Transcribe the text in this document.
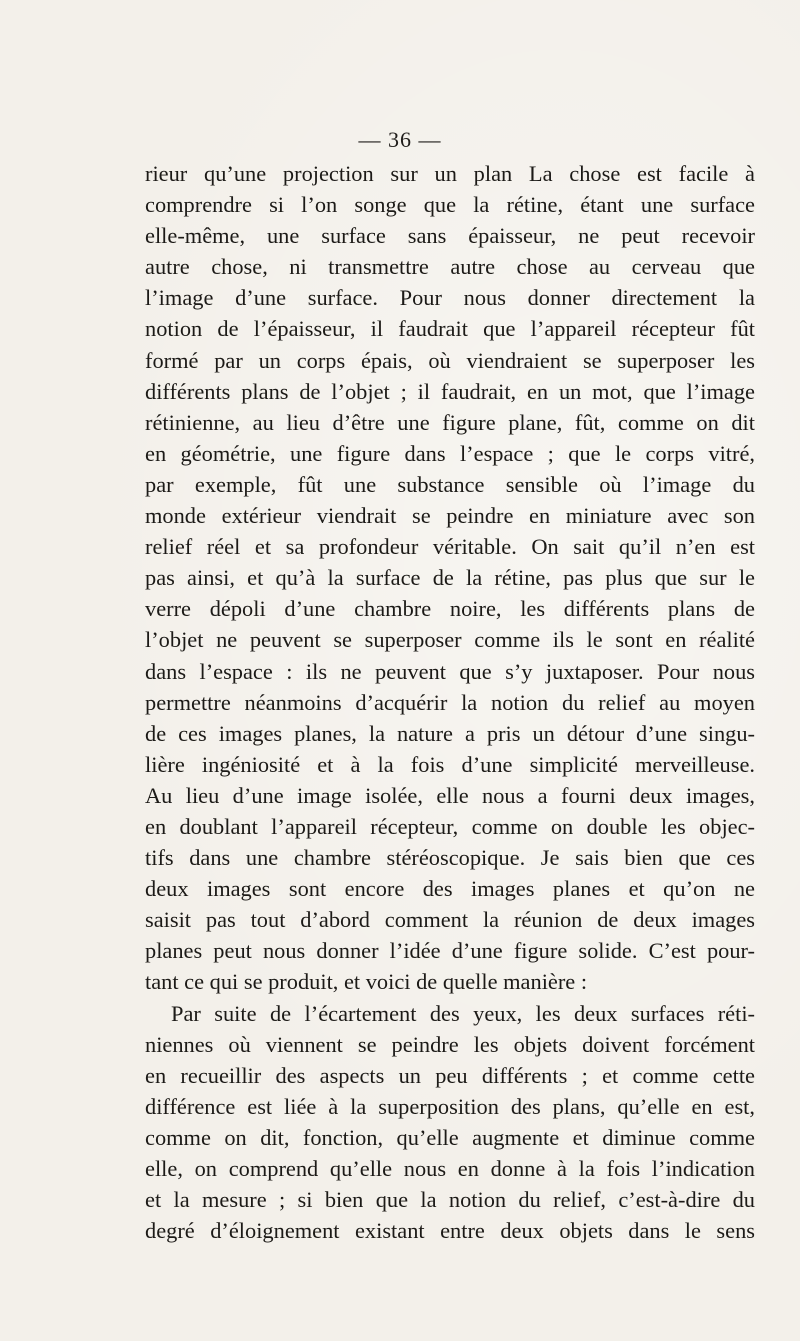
— 36 —
rieur qu’une projection sur un plan La chose est facile à
comprendre si l’on songe que la rétine, étant une surface
elle-même, une surface sans épaisseur, ne peut recevoir
autre chose, ni transmettre autre chose au cerveau que
l’image d’une surface. Pour nous donner directement la
notion de l’épaisseur, il faudrait que l’appareil récepteur fût
formé par un corps épais, où viendraient se superposer les
différents plans de l’objet ; il faudrait, en un mot, que l’image
rétinienne, au lieu d’être une figure plane, fût, comme on dit
en géométrie, une figure dans l’espace ; que le corps vitré,
par exemple, fût une substance sensible où l’image du
monde extérieur viendrait se peindre en miniature avec son
relief réel et sa profondeur véritable. On sait qu’il n’en est
pas ainsi, et qu’à la surface de la rétine, pas plus que sur le
verre dépoli d’une chambre noire, les différents plans de
l’objet ne peuvent se superposer comme ils le sont en réalité
dans l’espace : ils ne peuvent que s’y juxtaposer. Pour nous
permettre néanmoins d’acquérir la notion du relief au moyen
de ces images planes, la nature a pris un détour d’une singu-
lière ingéniosité et à la fois d’une simplicité merveilleuse.
Au lieu d’une image isolée, elle nous a fourni deux images,
en doublant l’appareil récepteur, comme on double les objec-
tifs dans une chambre stéréoscopique. Je sais bien que ces
deux images sont encore des images planes et qu’on ne
saisit pas tout d’abord comment la réunion de deux images
planes peut nous donner l’idée d’une figure solide. C’est pour-
tant ce qui se produit, et voici de quelle manière :
Par suite de l’écartement des yeux, les deux surfaces réti-
niennes où viennent se peindre les objets doivent forcément
en recueillir des aspects un peu différents ; et comme cette
différence est liée à la superposition des plans, qu’elle en est,
comme on dit, fonction, qu’elle augmente et diminue comme
elle, on comprend qu’elle nous en donne à la fois l’indication
et la mesure ; si bien que la notion du relief, c’est-à-dire du
degré d’éloignement existant entre deux objets dans le sens
